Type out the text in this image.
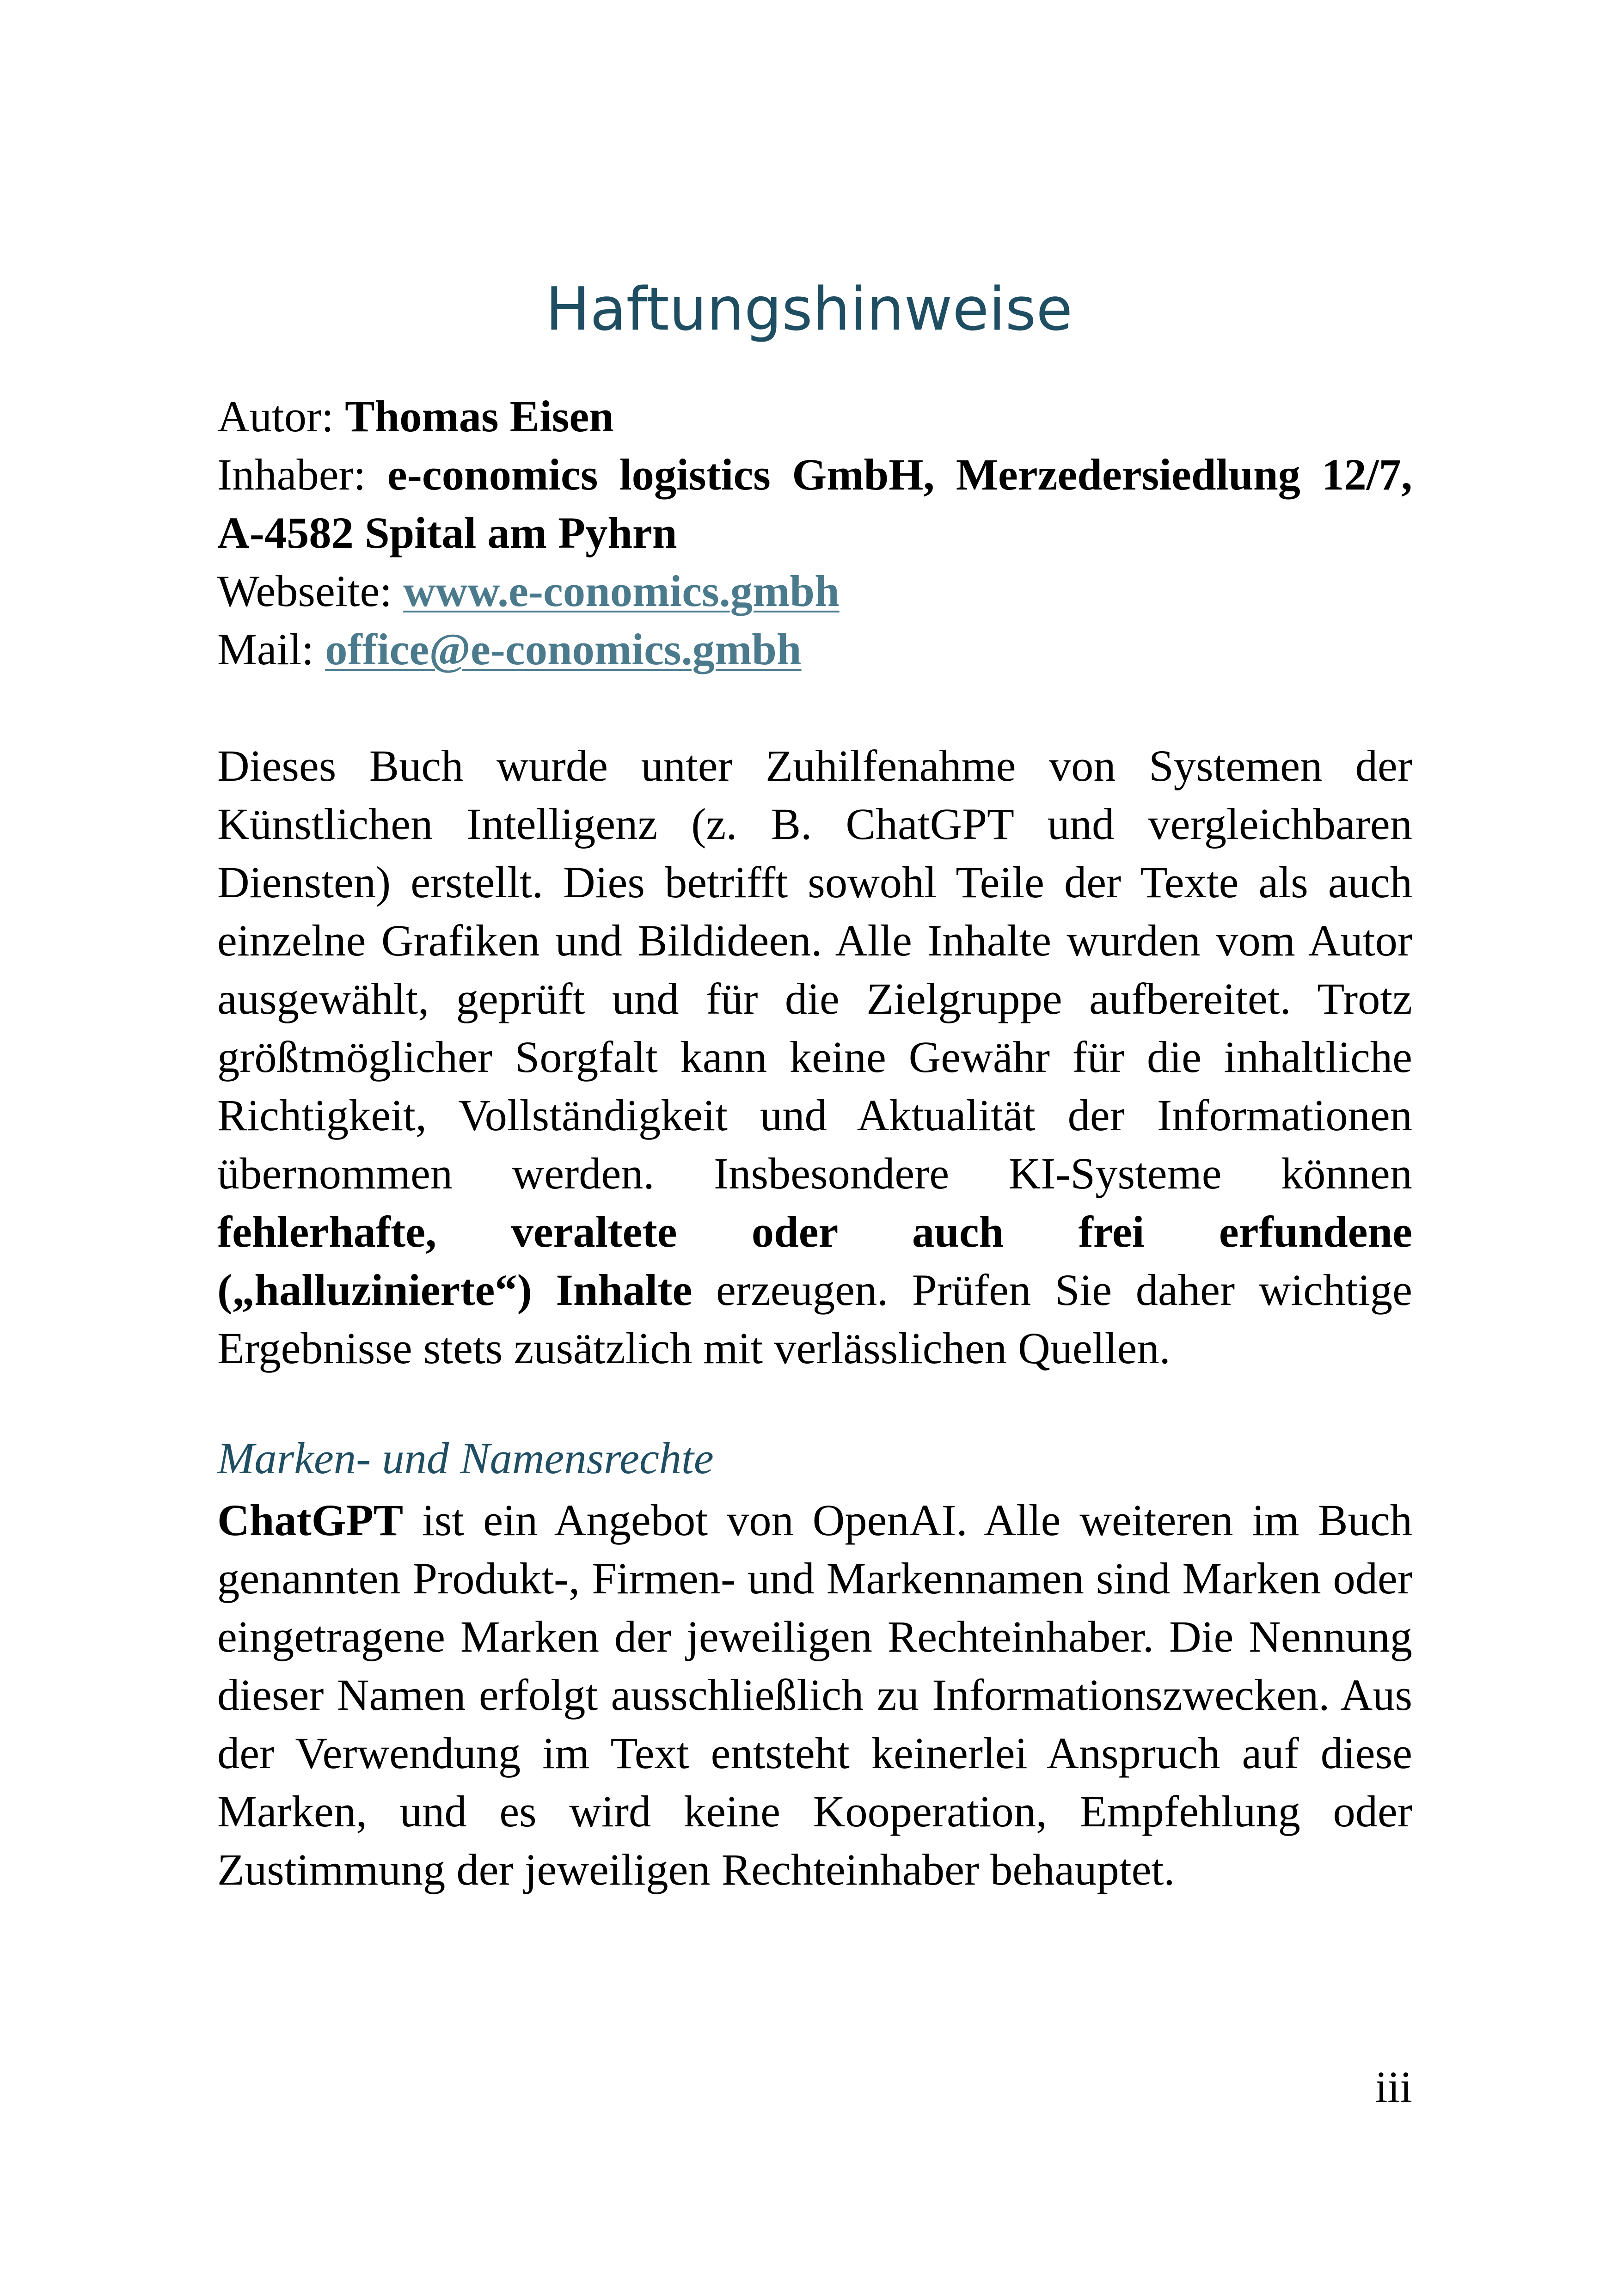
Haftungshinweise
Autor: Thomas Eisen
Inhaber: e-conomics logistics GmbH, Merzedersiedlung 12/7,
A-4582 Spital am Pyhrn
Webseite: www.e-conomics.gmbh
Mail: office@e-conomics.gmbh

Dieses Buch wurde unter Zuhilfenahme von Systemen der Künstlichen Intelligenz (z. B. ChatGPT und vergleichbaren Diensten) erstellt. Dies betrifft sowohl Teile der Texte als auch einzelne Grafiken und Bildideen. Alle Inhalte wurden vom Autor ausgewählt, geprüft und für die Zielgruppe aufbereitet. Trotz größtmöglicher Sorgfalt kann keine Gewähr für die inhaltliche Richtigkeit, Vollständigkeit und Aktualität der Informationen übernommen werden. Insbesondere KI-Systeme können fehlerhafte, veraltete oder auch frei erfundene („halluzinierte“) Inhalte erzeugen. Prüfen Sie daher wichtige Ergebnisse stets zusätzlich mit verlässlichen Quellen.

Marken- und Namensrechte

ChatGPT ist ein Angebot von OpenAI. Alle weiteren im Buch genannten Produkt-, Firmen- und Markennamen sind Marken oder eingetragene Marken der jeweiligen Rechteinhaber. Die Nennung dieser Namen erfolgt ausschließlich zu Informationszwecken. Aus der Verwendung im Text entsteht keinerlei Anspruch auf diese Marken, und es wird keine Kooperation, Empfehlung oder Zustimmung der jeweiligen Rechteinhaber behauptet.

iii
